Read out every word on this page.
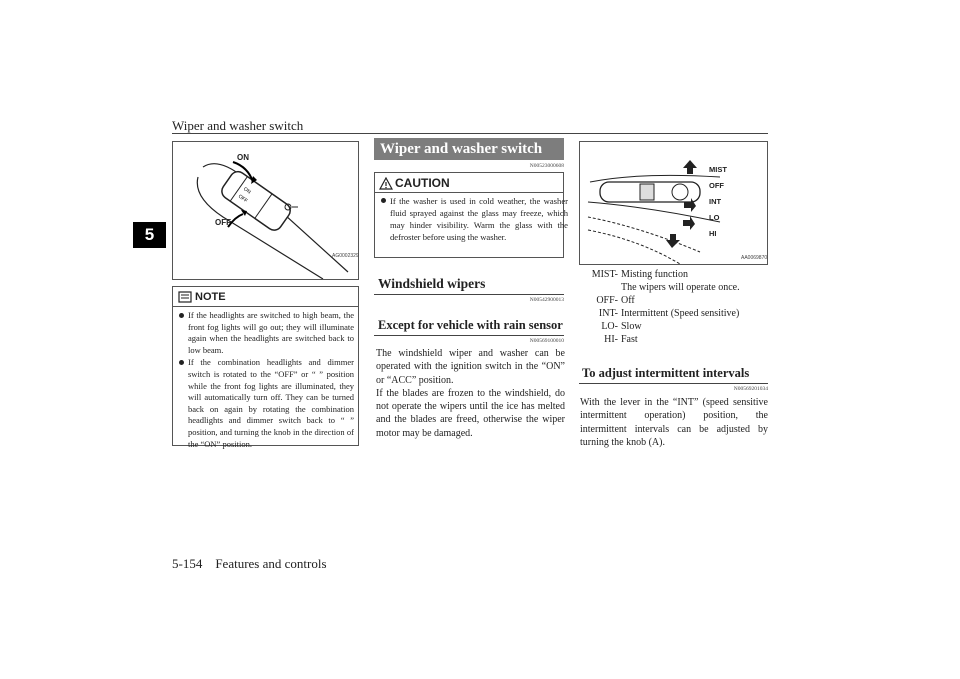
Wiper and washer switch
5
ON
OFF
ON
OFF
AG0002329
NOTE
If the headlights are switched to high beam, the front fog lights will go out; they will illuminate again when the headlights are switched back to low beam.
If the combination headlights and dimmer switch is rotated to the “OFF” or “ ” position while the front fog lights are illuminated, they will automatically turn off. They can be turned back on again by rotating the combination headlights and dimmer switch back to “ ” position, and turning the knob in the direction of the “ON” position.
Wiper and washer switch
N00523000608
CAUTION
If the washer is used in cold weather, the washer fluid sprayed against the glass may freeze, which may hinder visibility. Warm the glass with the defroster before using the washer.
Windshield wipers
N00542900013
Except for vehicle with rain sensor
N00569100010
The windshield wiper and washer can be operated with the ignition switch in the “ON” or “ACC” position.
If the blades are frozen to the windshield, do not operate the wipers until the ice has melted and the blades are freed, otherwise the wiper motor may be damaged.
MIST
OFF
INT
LO
HI
AA0069870
MIST- Misting function
The wipers will operate once.
OFF- Off
INT- Intermittent (Speed sensitive)
LO- Slow
HI- Fast
To adjust intermittent intervals
N00569201034
With the lever in the “INT” (speed sensitive intermittent operation) position, the intermittent intervals can be adjusted by turning the knob (A).
5-154    Features and controls
